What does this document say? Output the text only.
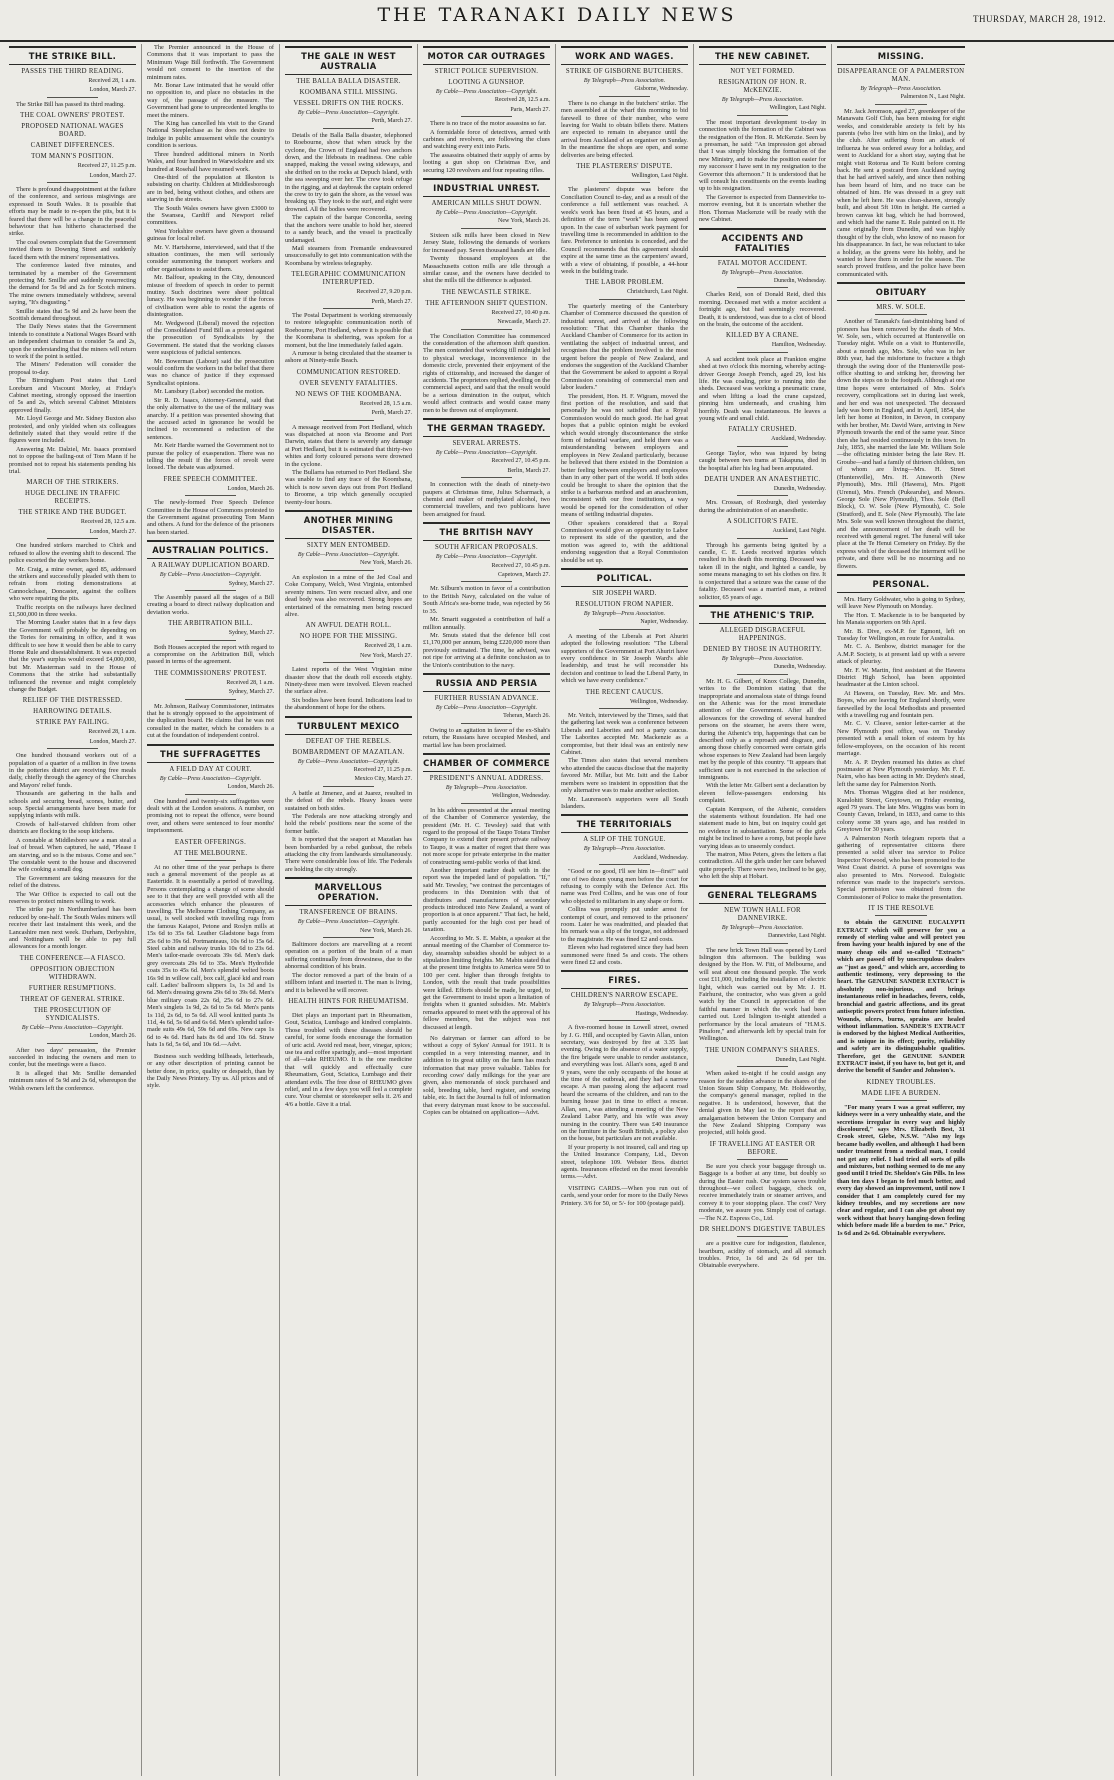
THE TARANAKI DAILY NEWS	THURSDAY, MARCH 28, 1912.
THE STRIKE BILL.
PASSES THE THIRD READING.
Received 28, 1 a.m.
London, March 27.

The Strike Bill has passed its third reading.

THE COAL OWNERS' PROTEST.
PROPOSED NATIONAL WAGES BOARD.
CABINET DIFFERENCES.
TOM MANN'S POSITION.
Received 27, 11.25 p.m.
London, March 27.

There is profound disappointment at the failure of the conference, and serious misgivings are expressed in South Wales. It is possible that efforts may be made to re-open the pits, but it is feared that there will be a change in the peaceful behaviour that has hitherto characterised the strike.

The coal owners complain that the Government invited them to Downing Street and suddenly faced them with the miners' representatives.

The conference lasted five minutes, and terminated by a member of the Government protecting Mr. Smillie and suddenly resurrecting the demand for 5s 9d and 2s for Scotch miners. The mine owners immediately withdrew, several saying, "It's disgusting."

Smillie states that 5s 9d and 2s have been the Scottish demand throughout.

The Daily News states that the Government intends to constitute a National Wages Board with an independent chairman to consider 5s and 2s, upon the understanding that the miners will return to work if the point is settled.

The Miners' Federation will consider the proposal to-day.

The Birmingham Post states that Lord Loreburn and Viscount Morley, at Friday's Cabinet meeting, strongly opposed the insertion of 5s and 2s, which several Cabinet Ministers approved finally.

Mr. Lloyd George and Mr. Sidney Buxton also protested, and only yielded when six colleagues definitely stated that they would retire if the figures were included.

Answering Mr. Dalziel, Mr. Isaacs promised not to oppose the bailing-out of Tom Mann if he promised not to repeat his statements pending his trial.

MARCH OF THE STRIKERS.
HUGE DECLINE IN TRAFFIC RECEIPTS.
THE STRIKE AND THE BUDGET.
Received 28, 12.5 a.m.
London, March 27.

One hundred strikers marched to Chirk and refused to allow the evening shift to descend. The police escorted the day workers home.

Mr. Craig, a mine owner, aged 85, addressed the strikers and successfully pleaded with them to refrain from rioting demonstrations at Cannockchase, Doncaster, against the colliers who were repairing the pits.

Traffic receipts on the railways have declined £1,500,000 in three weeks.

The Morning Leader states that in a few days the Government will probably be depending on the Tories for remaining in office, and it was difficult to see how it would then be able to carry Home Rule and disestablishment. It was expected that the year's surplus would exceed £4,000,000, but Mr. Masterman said in the House of Commons that the strike had substantially influenced the revenue and might completely change the Budget.

RELIEF OF THE DISTRESSED.
HARROWING DETAILS.
STRIKE PAY FAILING.
Received 28, 1 a.m.
London, March 27.

One hundred thousand workers out of a population of a quarter of a million in five towns in the potteries district are receiving free meals daily, chiefly through the agency of the Churches and Mayors' relief funds.

Thousands are gathering in the halls and schools and securing bread, scones, butter, and soup. Special arrangements have been made for supplying infants with milk.

Crowds of half-starved children from other districts are flocking to the soup kitchens.

A constable at Middlesboro saw a man steal a loaf of bread. When captured, he said, "Please I am starving, and so is the missus. Come and see." The constable went to the house and discovered the wife cooking a small dog.

The Government are taking measures for the relief of the distress.

The War Office is expected to call out the reserves to protect miners willing to work.

The strike pay in Northumberland has been reduced by one-half. The South Wales miners will receive their last instalment this week, and the Lancashire men next week. Durham, Derbyshire, and Nottingham will be able to pay full allowances for a month longer.

THE CONFERENCE—A FIASCO.
OPPOSITION OBJECTION WITHDRAWN.
FURTHER RESUMPTIONS.
THREAT OF GENERAL STRIKE.
THE PROSECUTION OF SYNDICALISTS.
By Cable—Press Association—Copyright.
London, March 26.

After two days' persuasion, the Premier succeeded in inducing the owners and men to confer, but the meetings were a fiasco.

It is alleged that Mr. Smillie demanded minimum rates of 5s 9d and 2s 6d, whereupon the Welsh owners left the conference.

The Premier announced in the House of Commons that it was important to pass the Minimum Wage Bill forthwith. The Government would not consent to the insertion of the minimum rates.

Mr. Bonar Law intimated that he would offer no opposition to, and place no obstacles in the way of, the passage of the measure. The Government had gone to unprecedented lengths to meet the miners.

The King has cancelled his visit to the Grand National Steeplechase as he does not desire to indulge in public amusement while the country's condition is serious.

Three hundred additional miners in North Wales, and four hundred in Warwickshire and six hundred at Rosehall have resumed work.

One-third of the population at Ilkeston is subsisting on charity. Children at Middlesborough are in bed, being without clothes, and others are starving in the streets.

The South Wales owners have given £3000 to the Swansea, Cardiff and Newport relief committees.

West Yorkshire owners have given a thousand guineas for local relief.

Mr. V. Hartshorne, interviewed, said that if the situation continues, the men will seriously consider summoning the transport workers and other organisations to assist them.

Mr. Balfour, speaking in the City, denounced misuse of freedom of speech in order to permit mutiny. Such doctrines were sheer political lunacy. He was beginning to wonder if the forces of civilisation were able to resist the agents of disintegration.

Mr. Wedgwood (Liberal) moved the rejection of the Consolidated Fund Bill as a protest against the prosecution of Syndicalists by the Government. He stated that the working classes were suspicious of judicial sentences.

Mr. Bowerman (Labour) said the prosecution would confirm the workers in the belief that there was no chance of justice if they expressed Syndicalist opinions.

Mr. Lansbury (Labor) seconded the motion.

Sir R. D. Isaacs, Attorney-General, said that the only alternative to the use of the military was anarchy. If a petition was presented showing that the accused acted in ignorance he would be inclined to recommend a reduction of the sentences.

Mr. Keir Hardie warned the Government not to pursue the policy of exasperation. There was no telling the result if the forces of revolt were loosed. The debate was adjourned.

FREE SPEECH COMMITTEE.
London, March 26.

The newly-formed Free Speech Defence Committee in the House of Commons protested to the Government against prosecuting Tom Mann and others. A fund for the defence of the prisoners has been started.

AUSTRALIAN POLITICS.
A RAILWAY DUPLICATION BOARD.
By Cable—Press Association—Copyright.
Sydney, March 27.

The Assembly passed all the stages of a Bill creating a board to direct railway duplication and deviation works.

THE ARBITRATION BILL.
Sydney, March 27.

Both Houses accepted the report with regard to a compromise on the Arbitration Bill, which passed in terms of the agreement.

THE COMMISSIONERS' PROTEST.
Received 28, 1 a.m.
Sydney, March 27.

Mr. Johnson, Railway Commissioner, intimates that he is strongly opposed to the appointment of the duplication board. He claims that he was not consulted in the matter, which he considers is a cut at the foundation of independent control.

THE SUFFRAGETTES
A FIELD DAY AT COURT.
By Cable—Press Association—Copyright.
London, March 26.

One hundred and twenty-six suffragettes were dealt with at the London sessions. A number, on promising not to repeat the offence, were bound over, and others were sentenced to four months' imprisonment.

EASTER OFFERINGS.
AT THE MELBOURNE.

At no other time of the year perhaps is there such a general movement of the people as at Eastertide. It is essentially a period of travelling. Persons contemplating a change of scene should see to it that they are well provided with all the accessories which enhance the pleasures of travelling. The Melbourne Clothing Company, as usual, is well stocked with travelling rugs from the famous Kaiapoi, Petone and Roslyn mills at 15s 6d to 35s 6d. Leather Gladstone bags from 25s 6d to 39s 6d. Portmanteaus, 10s 6d to 15s 6d. Steel cabin and railway trunks 10s 6d to 23s 6d. Men's tailor-made overcoats 39s 6d. Men's dark grey overcoats 29s 6d to 35s. Men's Hydrofide coats 35s to 45s 6d. Men's splendid welted boots 16s 9d in willow calf, box calf, glacé kid and roan calf. Ladies' ballroom slippers 1s, 1s 3d and 1s 6d. Men's dressing gowns 29s 6d to 39s 6d. Men's blue military coats 22s 6d, 25s 6d to 27s 6d. Men's singlets 1s 9d, 2s 6d to 5s 6d. Men's pants 1s 11d, 2s 6d, to 5s 6d. All wool knitted pants 3s 11d, 4s 6d, 5s 6d and 6s 6d. Men's splendid tailor-made suits 49s 6d, 59s 6d and 69s. New caps 1s 6d to 4s 6d. Hard hats 8s 6d and 10s 6d. Straw hats 1s 6d, 5s 6d, and 10s 6d.—Advt.

Business such wedding billheads, letterheads, or any other description of printing cannot be better done, in price, quality or despatch, than by the Daily News Printery. Try us. All prices and of style.

THE GALE IN WEST AUSTRALIA
THE BALLA BALLA DISASTER.
KOOMBANA STILL MISSING.
VESSEL DRIFTS ON THE ROCKS.
By Cable—Press Association—Copyright.
Perth, March 27.

Details of the Balla Balla disaster, telephoned to Roebourne, show that when struck by the cyclone, the Crown of England had two anchors down, and the lifeboats in readiness. One cable snapped, making the vessel swing sideways, and she drifted on to the rocks at Depuch Island, with the sea sweeping over her. The crew took refuge in the rigging, and at daybreak the captain ordered the crew to try to gain the shore, as the vessel was breaking up. They took to the surf, and eight were drowned. All the bodies were recovered.

The captain of the barque Concordia, seeing that the anchors were unable to hold her, steered to a sandy beach, and the vessel is practically undamaged.

Mail steamers from Fremantle endeavoured unsuccessfully to get into communication with the Koombana by wireless telegraphy.

TELEGRAPHIC COMMUNICATION INTERRUPTED.
Received 27, 9.20 p.m.
Perth, March 27.

The Postal Department is working strenuously to restore telegraphic communication north of Roebourne, Port Hedland, where it is possible that the Koombana is sheltering, was spoken for a moment, but the line immediately failed again.

A rumour is being circulated that the steamer is ashore at Ninety-mile Beach.

COMMUNICATION RESTORED.
OVER SEVENTY FATALITIES.
NO NEWS OF THE KOOMBANA.
Received 28, 1.5 a.m.
Perth, March 27.

A message received from Port Hedland, which was dispatched at noon via Broome and Port Darwin, states that there is severely any damage at Port Hedland, but it is estimated that thirty-two whites and forty coloured persons were drowned in the cyclone.

The Bullarra has returned to Port Hedland. She was unable to find any trace of the Koombana, which is now seven days out from Port Hedland to Broome, a trip which generally occupied twenty-four hours.

ANOTHER MINING DISASTER.
SIXTY MEN ENTOMBED.
By Cable—Press Association—Copyright.
New York, March 26.

An explosion in a mine of the Jed Coal and Coke Company, Welch, West Virginia, entombed seventy miners. Ten were rescued alive, and one dead body was also recovered. Strong hopes are entertained of the remaining men being rescued alive.

AN AWFUL DEATH ROLL.
NO HOPE FOR THE MISSING.
Received 28, 1 a.m.
New York, March 27.

Latest reports of the West Virginian mine disaster show that the death roll exceeds eighty. Ninety-three men were involved. Eleven reached the surface alive.

Six bodies have been found. Indications lead to the abandonment of hope for the others.

TURBULENT MEXICO
DEFEAT OF THE REBELS.
BOMBARDMENT OF MAZATLAN.
By Cable—Press Association—Copyright.
Received 27, 11.25 p.m.
Mexico City, March 27.

A battle at Jimenez, and at Juarez, resulted in the defeat of the rebels. Heavy losses were sustained on both sides.

The Federals are now attacking strongly and hold the rebels' positions near the scene of the former battle.

It is reported that the seaport at Mazatlan has been bombarded by a rebel gunboat, the rebels attacking the city from landwards simultaneously. There were considerable loss of life. The Federals are holding the city strongly.

MARVELLOUS OPERATION.
TRANSFERENCE OF BRAINS.
By Cable—Press Association—Copyright.
New York, March 26.

Baltimore doctors are marvelling at a recent operation on a portion of the brain of a man suffering continually from drowsiness, due to the abnormal condition of his brain.

The doctor removed a part of the brain of a stillborn infant and inserted it. The man is living, and it is believed he will recover.

HEALTH HINTS FOR RHEUMATISM.

Diet plays an important part in Rheumatism, Gout, Sciatica, Lumbago and kindred complaints. Those troubled with these diseases should be careful, for some foods encourage the formation of uric acid. Avoid red meat, beer, vinegar, spices; use tea and coffee sparingly, and—most important of all—take RHEUMO. It is the one medicine that will quickly and effectually cure Rheumatism, Gout, Sciatica, Lumbago and their attendant evils. The free dose of RHEUMO gives relief, and in a few days you will feel a complete cure. Your chemist or storekeeper sells it. 2/6 and 4/6 a bottle. Give it a trial.

MOTOR CAR OUTRAGES
STRICT POLICE SUPERVISION.
LOOTING A GUNSHOP.
By Cable—Press Association—Copyright.
Received 28, 12.5 a.m.
Paris, March 27.

There is no trace of the motor assassins so far.

A formidable force of detectives, armed with carbines and revolvers, are following the clues and watching every exit into Paris.

The assassins obtained their supply of arms by looting a gun shop on Christmas Eve, and securing 120 revolvers and four repeating rifles.

INDUSTRIAL UNREST.
AMERICAN MILLS SHUT DOWN.
By Cable—Press Association—Copyright.
New York, March 26.

Sixteen silk mills have been closed in New Jersey State, following the demands of workers for increased pay. Seven thousand hands are idle.

Twenty thousand employees at the Massachusetts cotton mills are idle through a similar cause, and the owners have decided to shut the mills till the difference is adjusted.

THE NEWCASTLE STRIKE.
THE AFTERNOON SHIFT QUESTION.
Received 27, 10.40 p.m.
Newcastle, March 27.

The Conciliation Committee has commenced the consideration of the afternoon shift question. The men contended that working till midnight led to physical wreckage, inconvenience in the domestic circle, prevented their enjoyment of the rights of citizenship, and increased the danger of accidents. The proprietors replied, dwelling on the commercial aspect, and said that the result would be a serious diminution in the output, which would affect contracts and would cause many men to be thrown out of employment.

THE GERMAN TRAGEDY.
SEVERAL ARRESTS.
By Cable—Press Association—Copyright.
Received 27, 10.45 p.m.
Berlin, March 27.

In connection with the death of ninety-two paupers at Christmas time, Julius Scharmach, a chemist and maker of methylated alcohol, two commercial travellers, and two publicans have been arraigned for fraud.

THE BRITISH NAVY
SOUTH AFRICAN PROPOSALS.
By Cable—Press Association—Copyright.
Received 27, 10.45 p.m.
Capetown, March 27.

Mr. Silburn's motion in favor of a contribution to the British Navy, calculated on the value of South Africa's sea-borne trade, was rejected by 56 to 35.

Mr. Smartt suggested a contribution of half a million annually.

Mr. Smuts stated that the defence bill cost £1,170,000 per annum, being £220,000 more than previously estimated. The time, he advised, was not ripe for arriving at a definite conclusion as to the Union's contribution to the navy.

RUSSIA AND PERSIA
FURTHER RUSSIAN ADVANCE.
By Cable—Press Association—Copyright.
Teheran, March 26.

Owing to an agitation in favor of the ex-Shah's return, the Russians have occupied Meshed, and martial law has been proclaimed.

CHAMBER OF COMMERCE
PRESIDENT'S ANNUAL ADDRESS.
By Telegraph—Press Association.
Wellington, Wednesday.

In his address presented at the annual meeting of the Chamber of Commerce yesterday, the president (Mr. H. C. Tewsley) said that with regard to the proposal of the Taupo Totara Timber Company to extend their present private railway to Taupo, it was a matter of regret that there was not more scope for private enterprise in the matter of constructing semi-public works of that kind.

Another important matter dealt with in the report was the impeded land of population. "If," said Mr. Tewsley, "we contrast the percentages of producers in this Dominion with that of distributors and manufacturers of secondary products introduced into New Zealand, a want of proportion is at once apparent." That fact, he held, partly accounted for the high cost per head of taxation.

According to Mr. S. E. Mabin, a speaker at the annual meeting of the Chamber of Commerce to-day, steamship subsidies should be subject to a stipulation limiting freights. Mr. Mabin stated that at the present time freights to America were 50 to 100 per cent. higher than through freights to London, with the result that trade possibilities were killed. Efforts should be made, he urged, to get the Government to insist upon a limitation of freights when it granted subsidies. Mr. Mabin's remarks appeared to meet with the approval of his fellow members, but the subject was not discussed at length.

No dairyman or farmer can afford to be without a copy of Sykes' Annual for 1911. It is compiled in a very interesting manner, and in addition to its great utility on the farm has much information that may prove valuable. Tables for recording cows' daily milkings for the year are given, also memoranda of stock purchased and sold, breeding table, herd register, and sowing table, etc. In fact the Journal is full of information that every dairyman must know to be successful. Copies can be obtained on application—Advt.

WORK AND WAGES.
STRIKE OF GISBORNE BUTCHERS.
By Telegraph—Press Association.
Gisborne, Wednesday.

There is no change in the butchers' strike. The men assembled at the wharf this morning to bid farewell to three of their number, who were leaving for Waihi to obtain billets there. Matters are expected to remain in abeyance until the arrival from Auckland of an organiser on Sunday. In the meantime the shops are open, and some deliveries are being effected.

THE PLASTERERS' DISPUTE.
Wellington, Last Night.

The plasterers' dispute was before the Conciliation Council to-day, and as a result of the conference a full settlement was reached. A week's work has been fixed at 45 hours, and a definition of the term "work" has been agreed upon. In the case of suburban work payment for travelling time is recommended in addition to the fare. Preference to unionists is conceded, and the Council recommends that this agreement should expire at the same time as the carpenters' award, with a view of obtaining, if possible, a 44-hour week in the building trade.

THE LABOR PROBLEM.
Christchurch, Last Night.

The quarterly meeting of the Canterbury Chamber of Commerce discussed the question of industrial unrest, and arrived at the following resolution: "That this Chamber thanks the Auckland Chamber of Commerce for its action in ventilating the subject of industrial unrest, and recognises that the problem involved is the most urgent before the people of New Zealand, and endorses the suggestion of the Auckland Chamber that the Government be asked to appoint a Royal Commission consisting of commercial men and labor leaders."

The president, Hon. H. F. Wigram, moved the first portion of the resolution, and said that personally he was not satisfied that a Royal Commission would do much good. He had great hopes that a public opinion might be evoked which would strongly discountenance the strike form of industrial warfare, and held there was a misunderstanding between employers and employees in New Zealand particularly, because he believed that there existed in the Dominion a better feeling between employers and employees than in any other part of the world. If both sides could be brought to share the opinion that the strike is a barbarous method and an anachronism, inconsistent with our free institutions, a way would be opened for the consideration of other means of settling industrial disputes.

Other speakers considered that a Royal Commission would give an opportunity to Labor to represent its side of the question, and the motion was agreed to, with the additional endorsing suggestion that a Royal Commission should be set up.

POLITICAL.
SIR JOSEPH WARD.
RESOLUTION FROM NAPIER.
By Telegraph—Press Association.
Napier, Wednesday.

A meeting of the Liberals at Port Ahuriri adopted the following resolution: "The Liberal supporters of the Government at Port Ahuriri have every confidence in Sir Joseph Ward's able leadership, and trust he will reconsider his decision and continue to lead the Liberal Party, in which we have every confidence."

THE RECENT CAUCUS.
Wellington, Wednesday.

Mr. Veitch, interviewed by the Times, said that the gathering last week was a conference between Liberals and Laborites and not a party caucus. The Laborites accepted Mr. Mackenzie as a compromise, but their ideal was an entirely new Cabinet.

The Times also states that several members who attended the caucus disclose that the majority favored Mr. Millar, but Mr. Isitt and the Labor members were so insistent in opposition that the only alternative was to make another selection.

Mr. Laurenson's supporters were all South Islanders.

THE TERRITORIALS
A SLIP OF THE TONGUE.
By Telegraph—Press Association.
Auckland, Wednesday.

"Good or no good, I'll see him in—first!" said one of two dozen young men before the court for refusing to comply with the Defence Act. His name was Fred Collins, and he was one of four who objected to militarism in any shape or form.

Collins was promptly put under arrest for contempt of court, and removed to the prisoners' room. Later he was readmitted, and pleaded that his remark was a slip of the tongue, not addressed to the magistrate. He was fined £2 and costs.

Eleven who had registered since they had been summoned were fined 5s and costs. The others were fined £2 and costs.

FIRES.
CHILDREN'S NARROW ESCAPE.
By Telegraph—Press Association.
Hastings, Wednesday.

A five-roomed house in Lowell street, owned by J. G. Hill, and occupied by Gavin Allan, union secretary, was destroyed by fire at 3.35 last evening. Owing to the absence of a water supply, the fire brigade were unable to render assistance, and everything was lost. Allan's sons, aged 8 and 9 years, were the only occupants of the house at the time of the outbreak, and they had a narrow escape. A man passing along the adjacent road heard the screams of the children, and ran to the burning house just in time to effect a rescue. Allan, sen., was attending a meeting of the New Zealand Labor Party, and his wife was away nursing in the country. There was £40 insurance on the furniture in the South British, a policy also on the house, but particulars are not available.

If your property is not insured, call and ring up the United Insurance Company, Ltd., Devon street, telephone 109. Webster Bros. district agents. Insurances effected on the most favorable terms.—Advt.

VISITING CARDS.—When you run out of cards, send your order for more to the Daily News Printery. 3/6 for 50, or 5/- for 100 (postage paid).

THE NEW CABINET.
NOT YET FORMED.
RESIGNATION OF HON. R. McKENZIE.
By Telegraph—Press Association.
Wellington, Last Night.

The most important development to-day in connection with the formation of the Cabinet was the resignation of the Hon. R. McKenzie. Seen by a pressman, he said: "An impression got abroad that I was simply blocking the formation of the new Ministry, and to make the position easier for my successor I have sent in my resignation to the Governor this afternoon." It is understood that he will consult his constituents on the events leading up to his resignation.

The Governor is expected from Dannevirke to-morrow evening, but it is uncertain whether the Hon. Thomas Mackenzie will be ready with the new Cabinet.

ACCIDENTS AND FATALITIES
FATAL MOTOR ACCIDENT.
By Telegraph—Press Association.
Dunedin, Wednesday.

Charles Reid, son of Donald Reid, died this morning. Deceased met with a motor accident a fortnight ago, but had seemingly recovered. Death, it is understood, was due to a clot of blood on the brain, the outcome of the accident.

KILLED BY A CRANE.
Hamilton, Wednesday.

A sad accident took place at Frankton engine shed at two o'clock this morning, whereby acting-driver George Joseph French, aged 29, lost his life. He was coaling, prior to running into the sheds. Deceased was working a pneumatic crane, and when lifting a load the crane capsized, pinning him underneath, and crushing him horribly. Death was instantaneous. He leaves a young wife and small child.

FATALLY CRUSHED.
Auckland, Wednesday.

George Taylor, who was injured by being caught between two trams at Takapuna, died in the hospital after his leg had been amputated.

DEATH UNDER AN ANAESTHETIC.
Dunedin, Wednesday.

Mrs. Crossan, of Roxburgh, died yesterday during the administration of an anaesthetic.

A SOLICITOR'S FATE.
Auckland, Last Night.

Through his garments being ignited by a candle, C. E. Leeds received injuries which resulted in his death this morning. Deceased was taken ill in the night, and lighted a candle, by some means managing to set his clothes on fire. It is conjectured that a seizure was the cause of the fatality. Deceased was a married man, a retired solicitor, 65 years of age.

THE ATHENIC'S TRIP.
ALLEGED DISGRACEFUL HAPPENINGS.
DENIED BY THOSE IN AUTHORITY.
By Telegraph—Press Association.
Dunedin, Wednesday.

Mr. H. G. Gilbert, of Knox College, Dunedin, writes to the Dominion stating that the inappropriate and anomalous state of things found on the Athenic was for the most immediate attention of the Government. After all the allowances for the crowding of several hundred persons on the steamer, he avers there were, during the Athenic's trip, happenings that can be described only as a reproach and disgrace, and among those chiefly concerned were certain girls whose expenses to New Zealand had been largely met by the people of this country. "It appears that sufficient care is not exercised in the selection of immigrants.

With the letter Mr. Gilbert sent a declaration by eleven fellow-passengers endorsing his complaint.

Captain Kempson, of the Athenic, considers the statements without foundation. He had one statement made to him, but on inquiry could get no evidence in substantiation. Some of the girls might be inclined to have a romp, but people have varying ideas as to unseemly conduct.

The matron, Miss Peters, gives the letters a flat contradiction. All the girls under her care behaved quite properly. There were two, inclined to be gay, who left the ship at Hobart.

GENERAL TELEGRAMS
NEW TOWN HALL FOR DANNEVIRKE.
By Telegraph—Press Association.
Dannevirke, Last Night.

The new brick Town Hall was opened by Lord Islington this afternoon. The building was designed by the Hon. W. Fitt, of Melbourne, and will seat about one thousand people. The work cost £11,000, including the installation of electric light, which was carried out by Mr. J. H. Fairhurst, the contractor, who was given a gold watch by the Council in appreciation of the faithful manner in which the work had been carried out. Lord Islington to-night attended a performance by the local amateurs of "H.M.S. Pinafore," and afterwards left by special train for Wellington.

THE UNION COMPANY'S SHARES.
Dunedin, Last Night.

When asked to-night if he could assign any reason for the sudden advance in the shares of the Union Steam Ship Company, Mr. Holdsworthy, the company's general manager, replied in the negative. It is understood, however, that the denial given in May last to the report that an amalgamation between the Union Company and the New Zealand Shipping Company was projected, still holds good.

IF TRAVELLING AT EASTER OR BEFORE.

Be sure you check your baggage through us. Baggage is a bother at any time, but doubly so during the Easter rush. Our system saves trouble throughout—we collect baggage, check on, receive immediately train or steamer arrives, and convey it to your stopping place. The cost? Very moderate, we assure you. Simply cost of cartage.—The N.Z. Express Co., Ltd.

DR SHELDON'S DIGESTIVE TABULES

are a positive cure for indigestion, flatulence, heartburn, acidity of stomach, and all stomach troubles. Price, 1s 6d and 2s 6d per tin. Obtainable everywhere.

MISSING.
DISAPPEARANCE OF A PALMERSTON MAN.
By Telegraph—Press Association.
Palmerston N., Last Night.

Mr. Jack Jeromson, aged 27, greenkeeper of the Manawatu Golf Club, has been missing for eight weeks, and considerable anxiety is felt by his parents (who live with him on the links), and by the club. After suffering from an attack of influenza he was ordered away for a holiday, and went to Auckland for a short stay, saying that he might visit Rotorua and Te Kuiti before coming back. He sent a postcard from Auckland saying that he had arrived safely, and since then nothing has been heard of him, and no trace can be obtained of him. He was dressed in a grey suit when he left here. He was clean-shaven, strongly built, and about 5ft 10in in height. He carried a brown canvas kit bag, which he had borrowed, and which had the name E. Rule painted on it. He came originally from Dunedin, and was highly thought of by the club, who know of no reason for his disappearance. In fact, he was reluctant to take a holiday, as the greens were his hobby, and he wanted to have them in order for the season. The search proved fruitless, and the police have been communicated with.

OBITUARY
MRS. W. SOLE.

Another of Taranaki's fast-diminishing band of pioneers has been removed by the death of Mrs. W. Sole, sen., which occurred at Huntersville on Tuesday night. While on a visit to Huntersville, about a month ago, Mrs. Sole, who was in her 80th year, had the misfortune to fracture a thigh through the swing door of the Huntersville post-office shutting to and striking her, throwing her down the steps on to the footpath. Although at one time hopes were entertained of Mrs. Sole's recovery, complications set in during last week, and her end was not unexpected. The deceased lady was born in England, and in April, 1854, she left her home at Honiton, in Devon, in company with her brother, Mr. David Ware, arriving in New Plymouth towards the end of the same year. Since then she had resided continuously in this town. In July, 1855, she married the late Mr. William Sole—the officiating minister being the late Rev. H. Groube—and had a family of thirteen children, ten of whom are living—Mrs. H. Street (Huntersville), Mrs. H. Ainsworth (New Plymouth), Mrs. Hill (Hawera), Mrs. Pigott (Urenui), Mrs. French (Pukearuhe), and Messrs. George Sole (New Plymouth), Thos. Sole (Bell Block), O. W. Sole (New Plymouth), C. Sole (Stratford), and E. Sole (New Plymouth). The late Mrs. Sole was well known throughout the district, and the announcement of her death will be received with general regret. The funeral will take place at the Te Henui Cemetery on Friday. By the express wish of the deceased the interment will be private, and there will be no mourning and no flowers.

PERSONAL.

Mrs. Harry Goldwater, who is going to Sydney, will leave New Plymouth on Monday.

The Hon. T. Mackenzie is to be banqueted by his Manaia supporters on 9th April.

Mr. B. Dive, ex-M.P. for Egmont, left on Tuesday for Wellington, en route for Australia.

Mr. C. A. Benbow, district manager for the A.M.P. Society, is at present laid up with a severe attack of pleurisy.

Mr. F. W. Martin, first assistant at the Hawera District High School, has been appointed headmaster at the Linton school.

At Hawera, on Tuesday, Rev. Mr. and Mrs. Boyes, who are leaving for England shortly, were farewelled by the local Methodists and presented with a travelling rug and fountain pen.

Mr. C. V. Cleave, senior letter-carrier at the New Plymouth post office, was on Tuesday presented with a small token of esteem by his fellow-employees, on the occasion of his recent marriage.

Mr. A. P. Dryden resumed his duties as chief postmaster at New Plymouth yesterday. Mr. F. E. Nairn, who has been acting in Mr. Dryden's stead, left the same day for Palmerston North.

Mrs. Thomas Wiggins died at her residence, Kuralohiti Street, Greytown, on Friday evening, aged 79 years. The late Mrs. Wiggins was born in County Cavan, Ireland, in 1833, and came to this colony some 38 years ago, and has resided in Greytown for 30 years.

A Palmerston North telegram reports that a gathering of representative citizens there presented a solid silver tea service to Police Inspector Norwood, who has been promoted to the West Coast district. A purse of sovereigns was also presented to Mrs. Norwood. Eulogistic reference was made to the inspector's services. Special permission was obtained from the Commissioner of Police to make the presentation.

IT IS THE RESOLVE

to obtain the GENUINE EUCALYPTI EXTRACT which will preserve for you a remedy of sterling value and will protect you from having your health injured by one of the many cheap oils and so-called "Extracts" which are passed off by unscrupulous dealers as "just as good," and which are, according to authentic testimony, very depressing to the heart. The GENUINE SANDER EXTRACT is absolutely non-injurious, and brings instantaneous relief in headaches, fevers, colds, bronchial and gastric affections, and its great antiseptic powers protect from future infection. Wounds, ulcers, burns, sprains are healed without inflammation. SANDER'S EXTRACT is endorsed by the highest Medical Authorities, and is unique in its effect; purity, reliability and safety are its distinguishable qualities. Therefore, get the GENUINE SANDER EXTRACT insist, if you have to, but get it, and derive the benefit of Sander and Johnston's.

KIDNEY TROUBLES.
MADE LIFE A BURDEN.

"For many years I was a great sufferer, my kidneys were in a very unhealthy state, and the secretions irregular in every way and highly discoloured," says Mrs. Elizabeth Best, 31 Crook street, Glebe, N.S.W. "Also my legs became badly swollen, and although I had been under treatment from a medical man, I could not get any relief. I had tried all sorts of pills and mixtures, but nothing seemed to do me any good until I tried Dr. Sheldon's Gin Pills. In less than ten days I began to feel much better, and every day showed an improvement, until now I consider that I am completely cured for my kidney troubles, and my secretions are now clear and regular, and I can also get about my work without that heavy hanging-down feeling which before made life a burden to me." Price, 1s 6d and 2s 6d. Obtainable everywhere.
